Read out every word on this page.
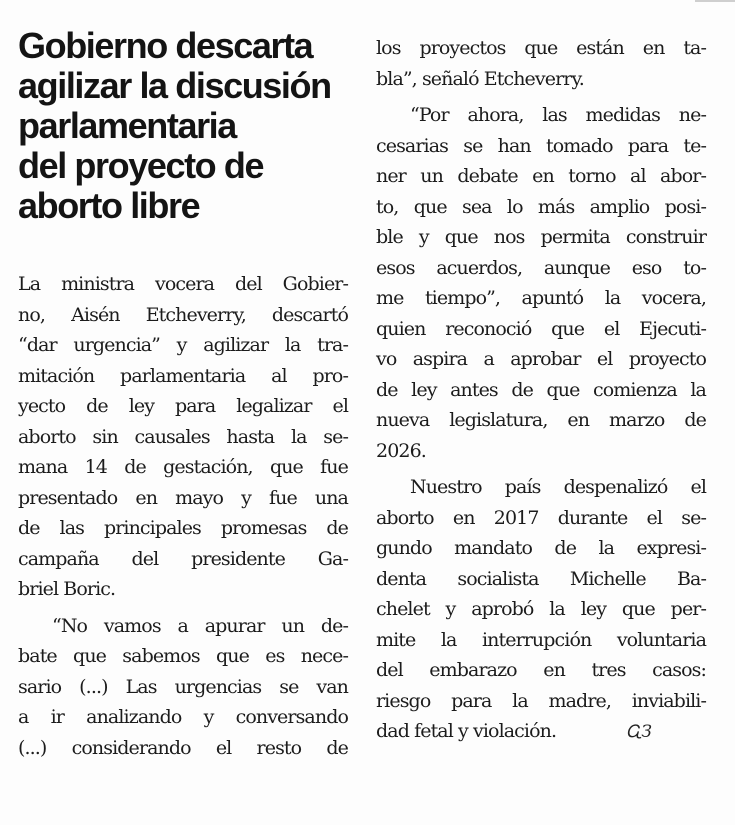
Gobierno descarta
agilizar la discusión
parlamentaria
del proyecto de
aborto libre

La ministra vocera del Gobier-
no, Aisén Etcheverry, descartó
“dar urgencia” y agilizar la tra-
mitación parlamentaria al pro-
yecto de ley para legalizar el
aborto sin causales hasta la se-
mana 14 de gestación, que fue
presentado en mayo y fue una
de las principales promesas de
campaña del presidente Ga-
briel Boric.

“No vamos a apurar un de-
bate que sabemos que es nece-
sario (...) Las urgencias se van
a ir analizando y conversando
(...) considerando el resto de

los proyectos que están en ta-
bla”, señaló Etcheverry.

“Por ahora, las medidas ne-
cesarias se han tomado para te-
ner un debate en torno al abor-
to, que sea lo más amplio posi-
ble y que nos permita construir
esos acuerdos, aunque eso to-
me tiempo”, apuntó la vocera,
quien reconoció que el Ejecuti-
vo aspira a aprobar el proyecto
de ley antes de que comienza la
nueva legislatura, en marzo de
2026.

Nuestro país despenalizó el
aborto en 2017 durante el se-
gundo mandato de la expresi-
denta socialista Michelle Ba-
chelet y aprobó la ley que per-
mite la interrupción voluntaria
del embarazo en tres casos:
riesgo para la madre, inviabili-
dad fetal y violación.	ᏩЗ
